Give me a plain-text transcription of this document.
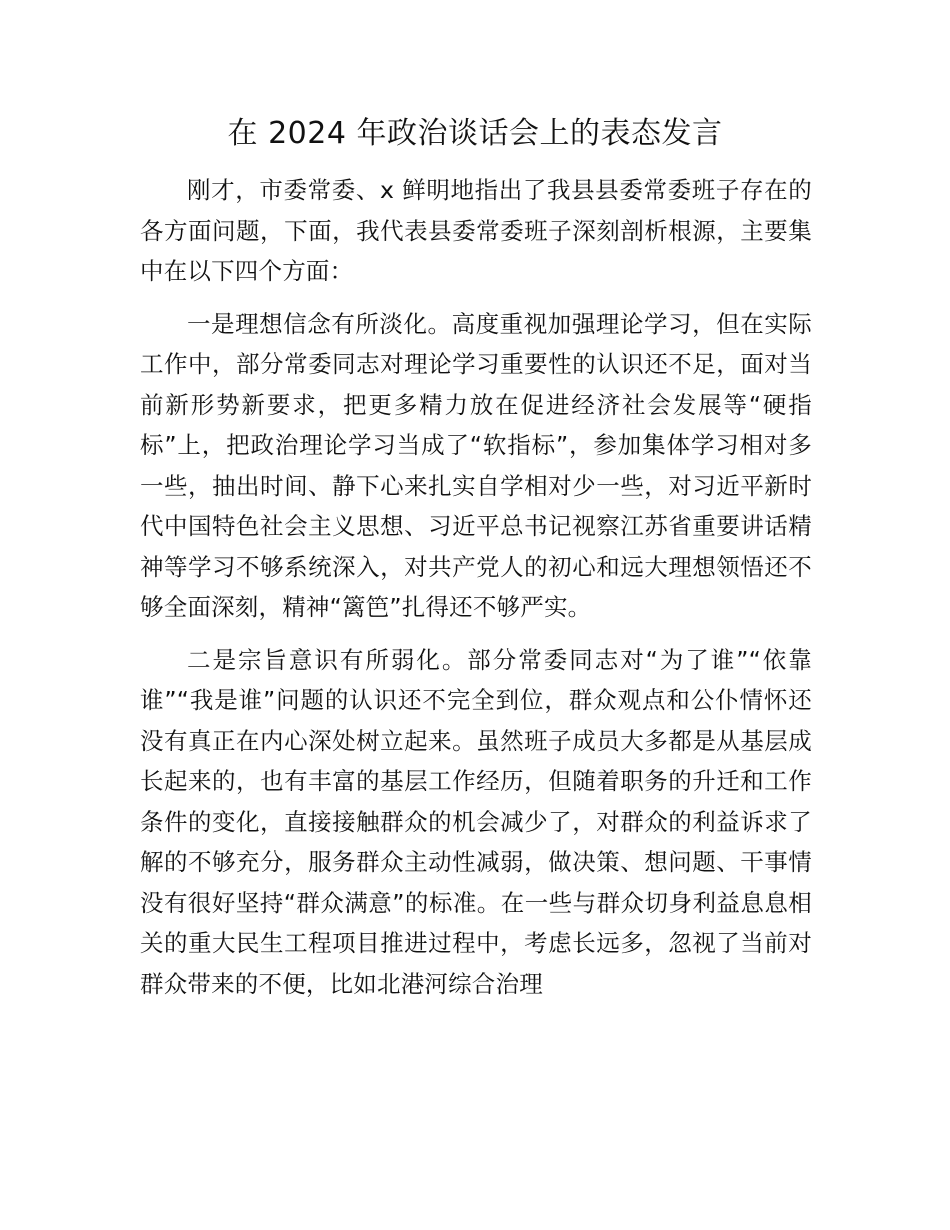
在 2024 年政治谈话会上的表态发言

刚才，市委常委、x 鲜明地指出了我县县委常委班子存在的各方面问题，下面，我代表县委常委班子深刻剖析根源，主要集中在以下四个方面：

一是理想信念有所淡化。高度重视加强理论学习，但在实际工作中，部分常委同志对理论学习重要性的认识还不足，面对当前新形势新要求，把更多精力放在促进经济社会发展等“硬指标”上，把政治理论学习当成了“软指标”，参加集体学习相对多一些，抽出时间、静下心来扎实自学相对少一些，对习近平新时代中国特色社会主义思想、习近平总书记视察江苏省重要讲话精神等学习不够系统深入，对共产党人的初心和远大理想领悟还不够全面深刻，精神“篱笆”扎得还不够严实。

二是宗旨意识有所弱化。部分常委同志对“为了谁”“依靠谁”“我是谁”问题的认识还不完全到位，群众观点和公仆情怀还没有真正在内心深处树立起来。虽然班子成员大多都是从基层成长起来的，也有丰富的基层工作经历，但随着职务的升迁和工作条件的变化，直接接触群众的机会减少了，对群众的利益诉求了解的不够充分，服务群众主动性减弱，做决策、想问题、干事情没有很好坚持“群众满意”的标准。在一些与群众切身利益息息相关的重大民生工程项目推进过程中，考虑长远多，忽视了当前对群众带来的不便，比如北港河综合治理
